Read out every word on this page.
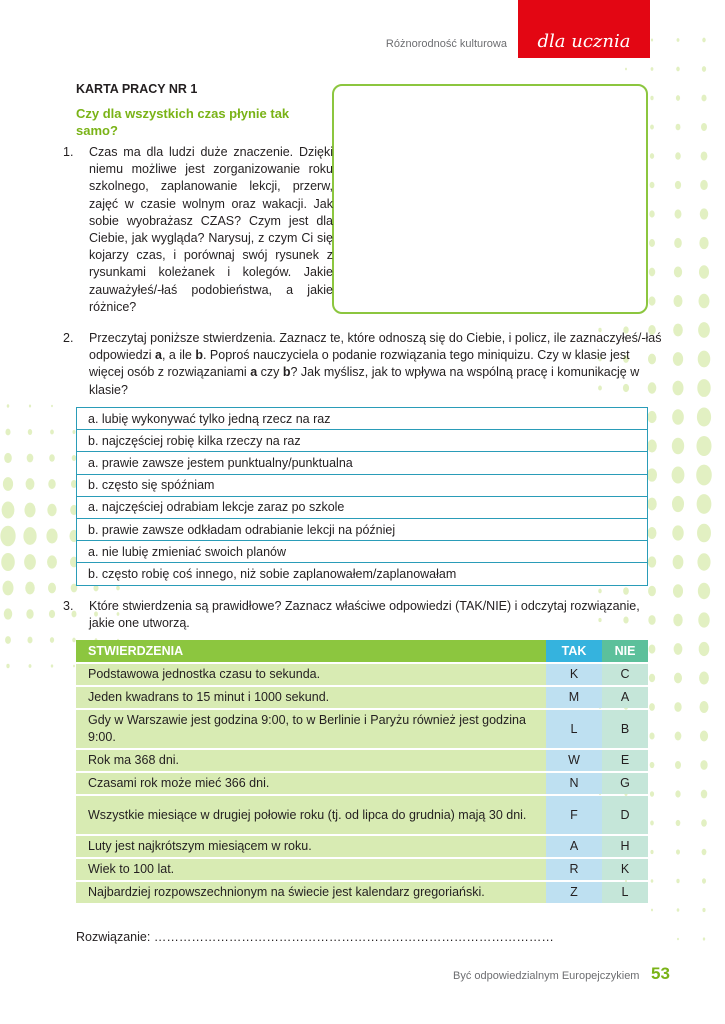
Różnorodność kulturowa	dla ucznia
KARTA PRACY NR 1
Czy dla wszystkich czas płynie tak samo?
1. Czas ma dla ludzi duże znaczenie. Dzięki niemu możliwe jest zorganizowanie roku szkolnego, zaplanowanie lekcji, przerw, zajęć w czasie wolnym oraz wakacji. Jak sobie wyobrażasz CZAS? Czym jest dla Ciebie, jak wygląda? Narysuj, z czym Ci się kojarzy czas, i porównaj swój rysunek z rysunkami koleżanek i kolegów. Jakie zauważyłeś/-łaś podobieństwa, a jakie różnice?
2. Przeczytaj poniższe stwierdzenia. Zaznacz te, które odnoszą się do Ciebie, i policz, ile zaznaczyłeś/-łaś odpowiedzi a, a ile b. Poproś nauczyciela o podanie rozwiązania tego miniquizu. Czy w klasie jest więcej osób z rozwiązaniami a czy b? Jak myślisz, jak to wpływa na wspólną pracę i komunikację w klasie?
a. lubię wykonywać tylko jedną rzecz na raz
b. najczęściej robię kilka rzeczy na raz
a. prawie zawsze jestem punktualny/punktualna
b. często się spóźniam
a. najczęściej odrabiam lekcje zaraz po szkole
b. prawie zawsze odkładam odrabianie lekcji na później
a. nie lubię zmieniać swoich planów
b. często robię coś innego, niż sobie zaplanowałem/zaplanowałam
3. Które stwierdzenia są prawidłowe? Zaznacz właściwe odpowiedzi (TAK/NIE) i odczytaj rozwiązanie, jakie one utworzą.
STWIERDZENIA	TAK	NIE
Podstawowa jednostka czasu to sekunda.	K	C
Jeden kwadrans to 15 minut i 1000 sekund.	M	A
Gdy w Warszawie jest godzina 9:00, to w Berlinie i Paryżu również jest godzina 9:00.	L	B
Rok ma 368 dni.	W	E
Czasami rok może mieć 366 dni.	N	G
Wszystkie miesiące w drugiej połowie roku (tj. od lipca do grudnia) mają 30 dni.	F	D
Luty jest najkrótszym miesiącem w roku.	A	H
Wiek to 100 lat.	R	K
Najbardziej rozpowszechnionym na świecie jest kalendarz gregoriański.	Z	L
Rozwiązanie: ……………………………………………………………………………………
Być odpowiedzialnym Europejczykiem 53
